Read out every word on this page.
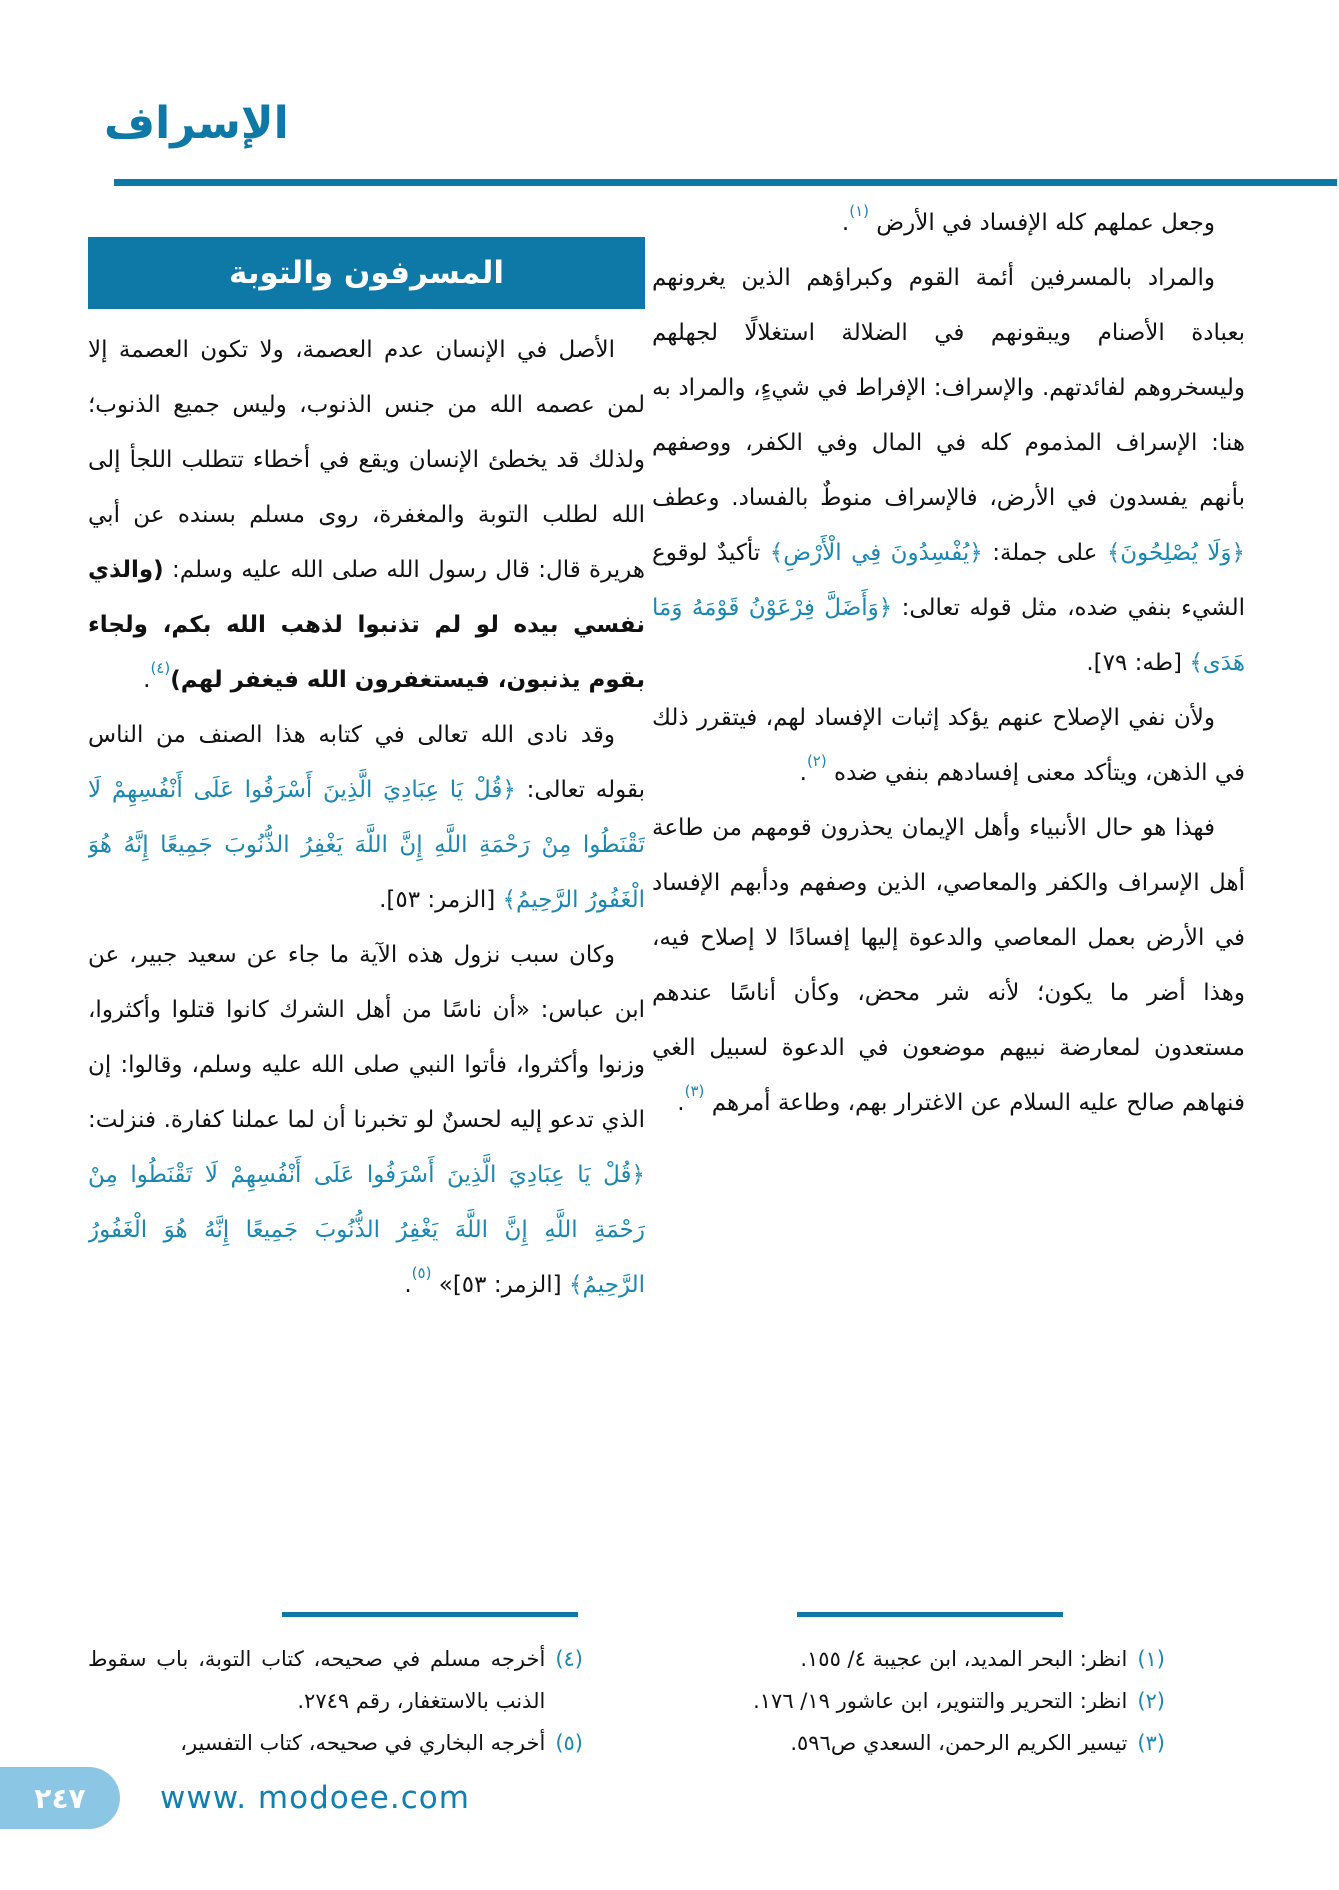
الإسراف

وجعل عملهم كله الإفساد في الأرض $^{(١)}$.

والمراد بالمسرفين أئمة القوم وكبراؤهم الذين يغرونهم بعبادة الأصنام ويبقونهم في الضلالة استغلالًا لجهلهم وليسخروهم لفائدتهم. والإسراف: الإفراط في شيءٍ، والمراد به هنا: الإسراف المذموم كله في المال وفي الكفر، ووصفهم بأنهم يفسدون في الأرض، فالإسراف منوطٌ بالفساد. وعطف ﴿وَلَا يُصْلِحُونَ﴾ على جملة: ﴿يُفْسِدُونَ فِي الْأَرْضِ﴾ تأكيدٌ لوقوع الشيء بنفي ضده، مثل قوله تعالى: ﴿وَأَضَلَّ فِرْعَوْنُ قَوْمَهُ وَمَا هَدَى﴾ [طه: ٧٩].

ولأن نفي الإصلاح عنهم يؤكد إثبات الإفساد لهم، فيتقرر ذلك في الذهن، ويتأكد معنى إفسادهم بنفي ضده $^{(٢)}$.

فهذا هو حال الأنبياء وأهل الإيمان يحذرون قومهم من طاعة أهل الإسراف والكفر والمعاصي، الذين وصفهم ودأبهم الإفساد في الأرض بعمل المعاصي والدعوة إليها إفسادًا لا إصلاح فيه، وهذا أضر ما يكون؛ لأنه شر محض، وكأن أناسًا عندهم مستعدون لمعارضة نبيهم موضعون في الدعوة لسبيل الغي فنهاهم صالح عليه السلام عن الاغترار بهم، وطاعة أمرهم $^{(٣)}$.

المسرفون والتوبة

الأصل في الإنسان عدم العصمة، ولا تكون العصمة إلا لمن عصمه الله من جنس الذنوب، وليس جميع الذنوب؛ ولذلك قد يخطئ الإنسان ويقع في أخطاء تتطلب اللجأ إلى الله لطلب التوبة والمغفرة، روى مسلم بسنده عن أبي هريرة قال: قال رسول الله صلى الله عليه وسلم: (والذي نفسي بيده لو لم تذنبوا لذهب الله بكم، ولجاء بقوم يذنبون، فيستغفرون الله فيغفر لهم)$^{(٤)}$.

وقد نادى الله تعالى في كتابه هذا الصنف من الناس بقوله تعالى: ﴿قُلْ يَا عِبَادِيَ الَّذِينَ أَسْرَفُوا عَلَى أَنْفُسِهِمْ لَا تَقْنَطُوا مِنْ رَحْمَةِ اللَّهِ إِنَّ اللَّهَ يَغْفِرُ الذُّنُوبَ جَمِيعًا إِنَّهُ هُوَ الْغَفُورُ الرَّحِيمُ﴾ [الزمر: ٥٣].

وكان سبب نزول هذه الآية ما جاء عن سعيد جبير، عن ابن عباس: «أن ناسًا من أهل الشرك كانوا قتلوا وأكثروا، وزنوا وأكثروا، فأتوا النبي صلى الله عليه وسلم، وقالوا: إن الذي تدعو إليه لحسنٌ لو تخبرنا أن لما عملنا كفارة. فنزلت: ﴿قُلْ يَا عِبَادِيَ الَّذِينَ أَسْرَفُوا عَلَى أَنْفُسِهِمْ لَا تَقْنَطُوا مِنْ رَحْمَةِ اللَّهِ إِنَّ اللَّهَ يَغْفِرُ الذُّنُوبَ جَمِيعًا إِنَّهُ هُوَ الْغَفُورُ الرَّحِيمُ﴾ [الزمر: ٥٣]» $^{(٥)}$.

(١)
انظر: البحر المديد، ابن عجيبة ٤/ ١٥٥.
(٢)
انظر: التحرير والتنوير، ابن عاشور ١٩/ ١٧٦.
(٣)
تيسير الكريم الرحمن، السعدي ص٥٩٦.
(٤)
أخرجه مسلم في صحيحه، كتاب التوبة، باب سقوط الذنب بالاستغفار، رقم ٢٧٤٩.
(٥)
أخرجه البخاري في صحيحه، كتاب التفسير،
٢٤٧ www. modoee.com
